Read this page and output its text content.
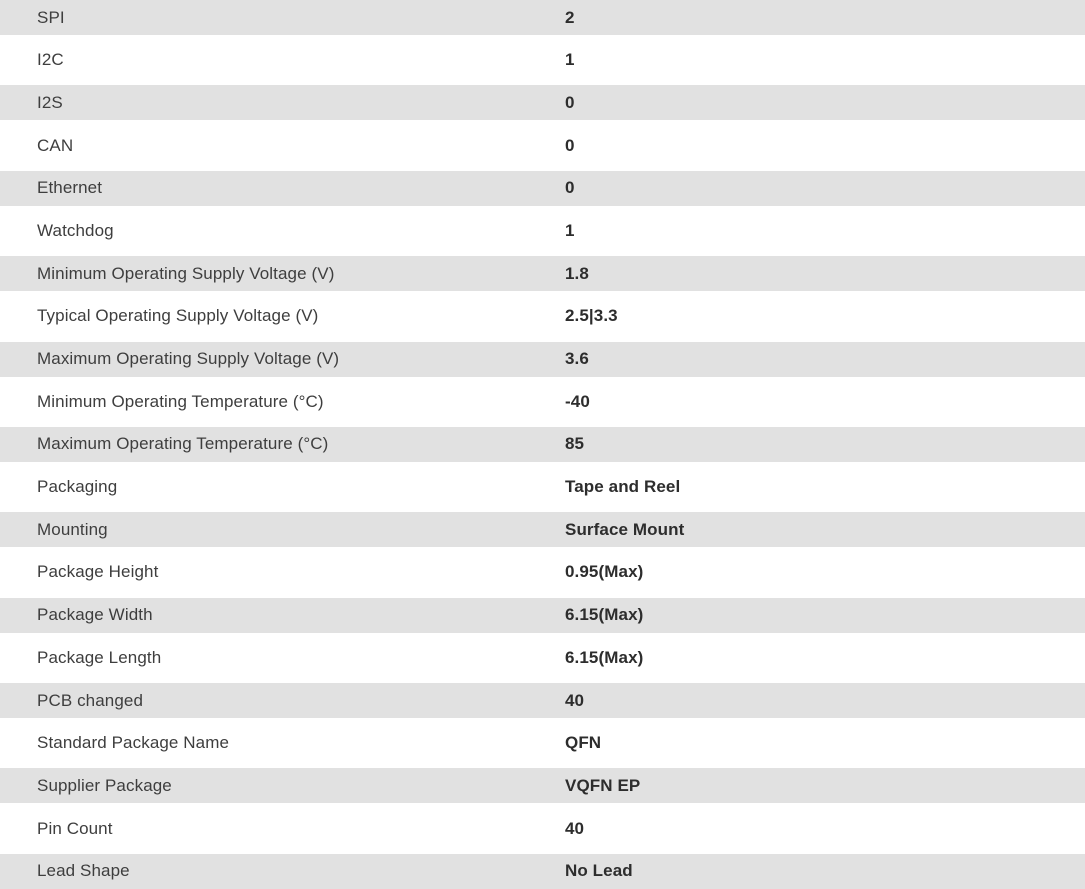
SPI	2
I2C	1
I2S	0
CAN	0
Ethernet	0
Watchdog	1
Minimum Operating Supply Voltage (V)	1.8
Typical Operating Supply Voltage (V)	2.5|3.3
Maximum Operating Supply Voltage (V)	3.6
Minimum Operating Temperature (°C)	-40
Maximum Operating Temperature (°C)	85
Packaging	Tape and Reel
Mounting	Surface Mount
Package Height	0.95(Max)
Package Width	6.15(Max)
Package Length	6.15(Max)
PCB changed	40
Standard Package Name	QFN
Supplier Package	VQFN EP
Pin Count	40
Lead Shape	No Lead
